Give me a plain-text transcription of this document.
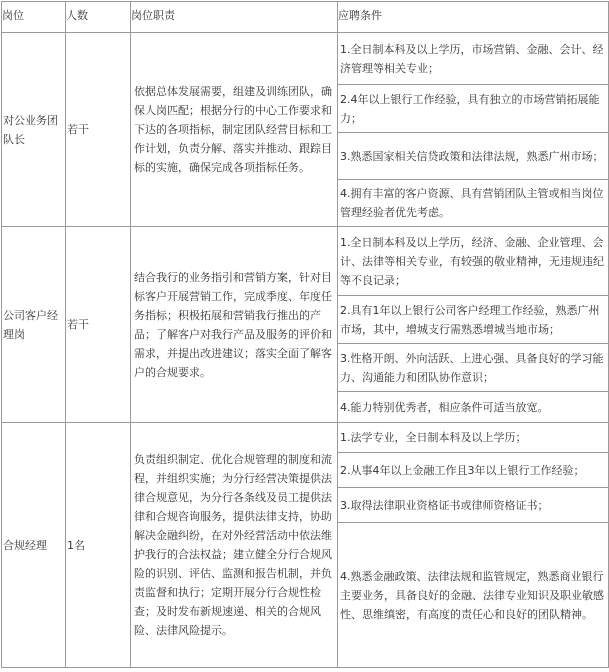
岗位	人数	岗位职责	应聘条件

对公业务团队长	若干	依据总体发展需要，组建及训练团队，确保人岗匹配；根据分行的中心工作要求和下达的各项指标，制定团队经营目标和工作计划，负责分解、落实并推动、跟踪目标的实施，确保完成各项指标任务。	1.全日制本科及以上学历，市场营销、金融、会计、经济管理等相关专业；
2.4年以上银行工作经验，具有独立的市场营销拓展能力；
3.熟悉国家相关信贷政策和法律法规，熟悉广州市场；
4.拥有丰富的客户资源、具有营销团队主管或相当岗位管理经验者优先考虑。

公司客户经理岗	若干	结合我行的业务指引和营销方案，针对目标客户开展营销工作，完成季度、年度任务指标；积极拓展和营销我行推出的产品；了解客户对我行产品及服务的评价和需求，并提出改进建议；落实全面了解客户的合规要求。	1.全日制本科及以上学历，经济、金融、企业管理、会计、法律等相关专业，有较强的敬业精神，无违规违纪等不良记录；
2.具有1年以上银行公司客户经理工作经验，熟悉广州市场，其中，增城支行需熟悉增城当地市场；
3.性格开朗、外向活跃、上进心强、具备良好的学习能力、沟通能力和团队协作意识；
4.能力特别优秀者，相应条件可适当放宽。

合规经理	1名	负责组织制定、优化合规管理的制度和流程，并组织实施；为分行经营决策提供法律合规意见，为分行各条线及员工提供法律和合规咨询服务，提供法律支持，协助解决金融纠纷，在对外经营活动中依法维护我行的合法权益；建立健全分行合规风险的识别、评估、监测和报告机制，并负责监督和执行；定期开展分行合规性检查；及时发布新规速递、相关的合规风险、法律风险提示。	1.法学专业，全日制本科及以上学历；
2.从事4年以上金融工作且3年以上银行工作经验；
3.取得法律职业资格证书或律师资格证书；
4.熟悉金融政策、法律法规和监管规定，熟悉商业银行主要业务，具备良好的金融、法律专业知识及职业敏感性、思维缜密，有高度的责任心和良好的团队精神。
